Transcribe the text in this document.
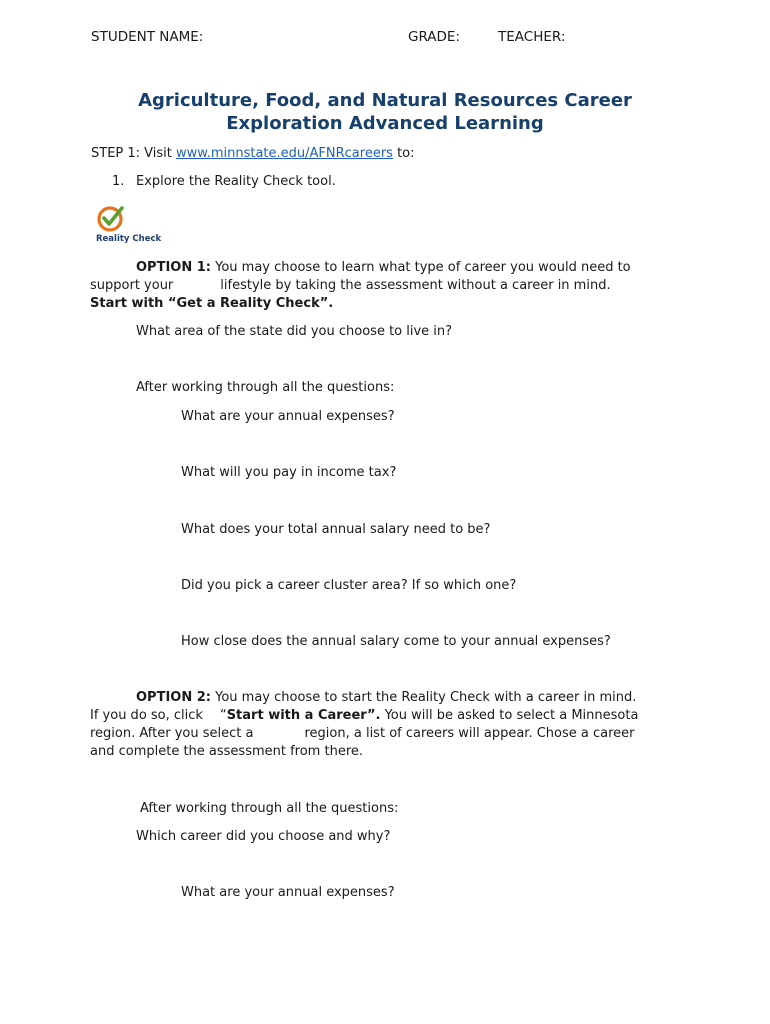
STUDENT NAME:	GRADE:	TEACHER:
Agriculture, Food, and Natural Resources Career
Exploration Advanced Learning
STEP 1: Visit www.minnstate.edu/AFNRcareers to:
1. Explore the Reality Check tool.
Reality Check
OPTION 1: You may choose to learn what type of career you would need to
support your	lifestyle by taking the assessment without a career in mind.
Start with “Get a Reality Check”.
What area of the state did you choose to live in?
After working through all the questions:
What are your annual expenses?
What will you pay in income tax?
What does your total annual salary need to be?
Did you pick a career cluster area? If so which one?
How close does the annual salary come to your annual expenses?
OPTION 2: You may choose to start the Reality Check with a career in mind.
If you do so, click “Start with a Career”. You will be asked to select a Minnesota
region. After you select a	region, a list of careers will appear. Chose a career
and complete the assessment from there.
After working through all the questions:
Which career did you choose and why?
What are your annual expenses?
